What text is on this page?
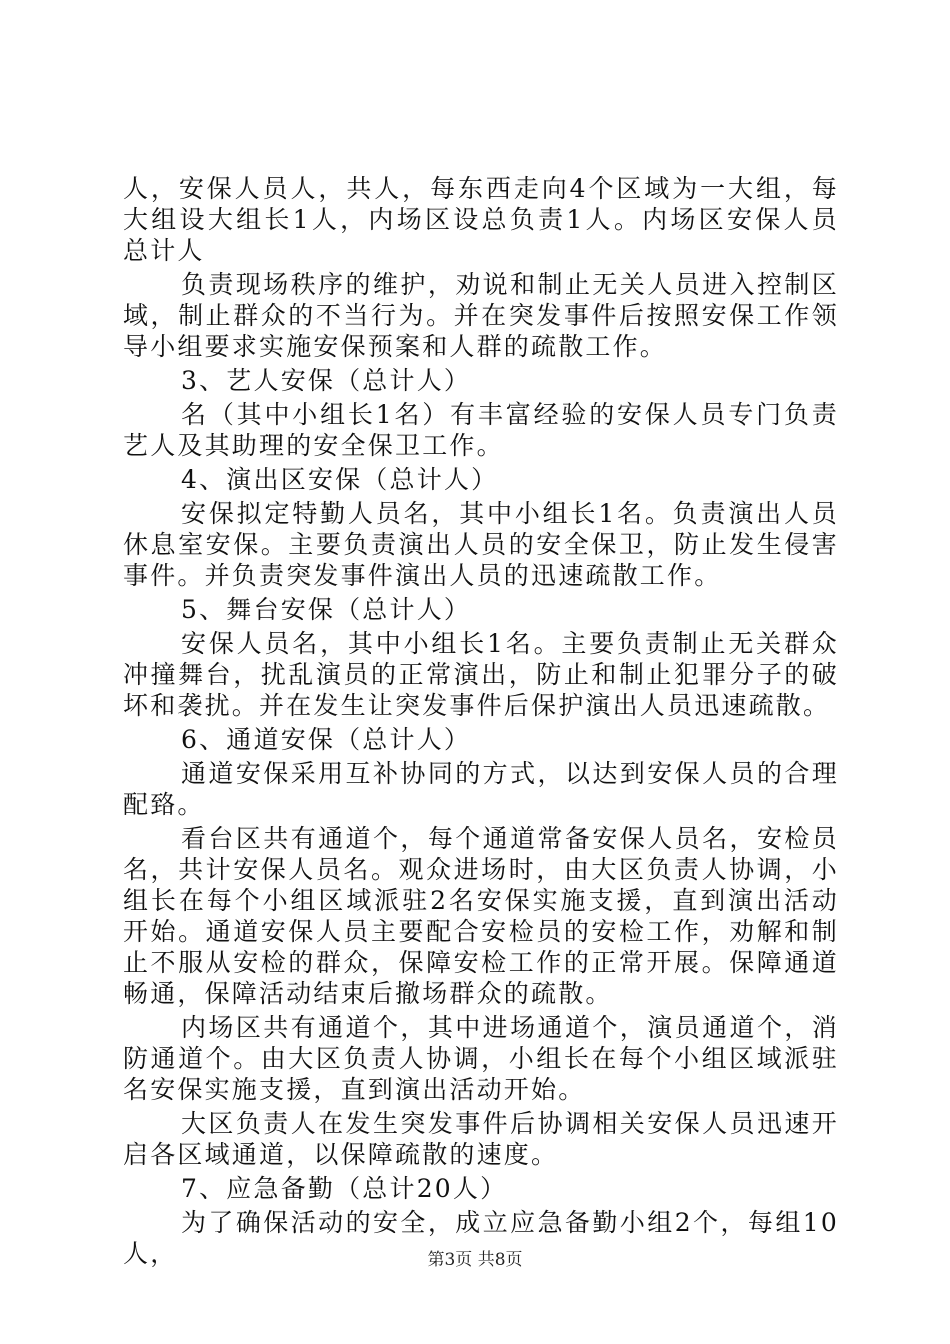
人，安保人员人，共人，每东西走向4个区域为一大组，每大组设大组长1人，内场区设总负责1人。内场区安保人员总计人

负责现场秩序的维护，劝说和制止无关人员进入控制区域，制止群众的不当行为。并在突发事件后按照安保工作领导小组要求实施安保预案和人群的疏散工作。

3、艺人安保（总计人）

名（其中小组长1名）有丰富经验的安保人员专门负责艺人及其助理的安全保卫工作。

4、演出区安保（总计人）

安保拟定特勤人员名，其中小组长1名。负责演出人员休息室安保。主要负责演出人员的安全保卫，防止发生侵害事件。并负责突发事件演出人员的迅速疏散工作。

5、舞台安保（总计人）

安保人员名，其中小组长1名。主要负责制止无关群众冲撞舞台，扰乱演员的正常演出，防止和制止犯罪分子的破坏和袭扰。并在发生让突发事件后保护演出人员迅速疏散。

6、通道安保（总计人）

通道安保采用互补协同的方式，以达到安保人员的合理配臵。

看台区共有通道个，每个通道常备安保人员名，安检员名，共计安保人员名。观众进场时，由大区负责人协调，小组长在每个小组区域派驻2名安保实施支援，直到演出活动开始。通道安保人员主要配合安检员的安检工作，劝解和制止不服从安检的群众，保障安检工作的正常开展。保障通道畅通，保障活动结束后撤场群众的疏散。

内场区共有通道个，其中进场通道个，演员通道个，消防通道个。由大区负责人协调，小组长在每个小组区域派驻名安保实施支援，直到演出活动开始。

大区负责人在发生突发事件后协调相关安保人员迅速开启各区域通道，以保障疏散的速度。

7、应急备勤（总计20人）

为了确保活动的安全，成立应急备勤小组2个，每组10人，	第3页 共8页
